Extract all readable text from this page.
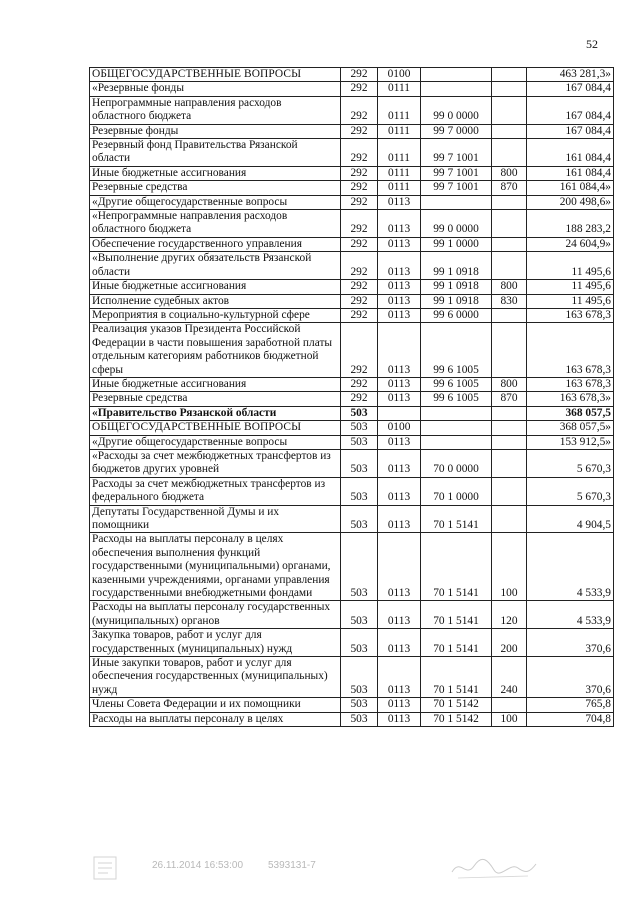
52
ОБЩЕГОСУДАРСТВЕННЫЕ ВОПРОСЫ	292	0100			463 281,3»
«Резервные фонды	292	0111			167 084,4
Непрограммные направления расходов областного бюджета	292	0111	99 0 0000		167 084,4
Резервные фонды	292	0111	99 7 0000		167 084,4
Резервный фонд Правительства Рязанской области	292	0111	99 7 1001		161 084,4
Иные бюджетные ассигнования	292	0111	99 7 1001	800	161 084,4
Резервные средства	292	0111	99 7 1001	870	161 084,4»
«Другие общегосударственные вопросы	292	0113			200 498,6»
«Непрограммные направления расходов областного бюджета	292	0113	99 0 0000		188 283,2
Обеспечение государственного управления	292	0113	99 1 0000		24 604,9»
«Выполнение других обязательств Рязанской области	292	0113	99 1 0918		11 495,6
Иные бюджетные ассигнования	292	0113	99 1 0918	800	11 495,6
Исполнение судебных актов	292	0113	99 1 0918	830	11 495,6
Мероприятия в социально-культурной сфере	292	0113	99 6 0000		163 678,3
Реализация указов Президента Российской Федерации в части повышения заработной платы отдельным категориям работников бюджетной сферы	292	0113	99 6 1005		163 678,3
Иные бюджетные ассигнования	292	0113	99 6 1005	800	163 678,3
Резервные средства	292	0113	99 6 1005	870	163 678,3»
«Правительство Рязанской области	503				368 057,5
ОБЩЕГОСУДАРСТВЕННЫЕ ВОПРОСЫ	503	0100			368 057,5»
«Другие общегосударственные вопросы	503	0113			153 912,5»
«Расходы за счет межбюджетных трансфертов из бюджетов других уровней	503	0113	70 0 0000		5 670,3
Расходы за счет межбюджетных трансфертов из федерального бюджета	503	0113	70 1 0000		5 670,3
Депутаты Государственной Думы и их помощники	503	0113	70 1 5141		4 904,5
Расходы на выплаты персоналу в целях обеспечения выполнения функций государственными (муниципальными) органами, казенными учреждениями, органами управления государственными внебюджетными фондами	503	0113	70 1 5141	100	4 533,9
Расходы на выплаты персоналу государственных (муниципальных) органов	503	0113	70 1 5141	120	4 533,9
Закупка товаров, работ и услуг для государственных (муниципальных) нужд	503	0113	70 1 5141	200	370,6
Иные закупки товаров, работ и услуг для обеспечения государственных (муниципальных) нужд	503	0113	70 1 5141	240	370,6
Члены Совета Федерации и их помощники	503	0113	70 1 5142		765,8
Расходы на выплаты персоналу в целях	503	0113	70 1 5142	100	704,8
26.11.2014 16:53:00 5393131-7
